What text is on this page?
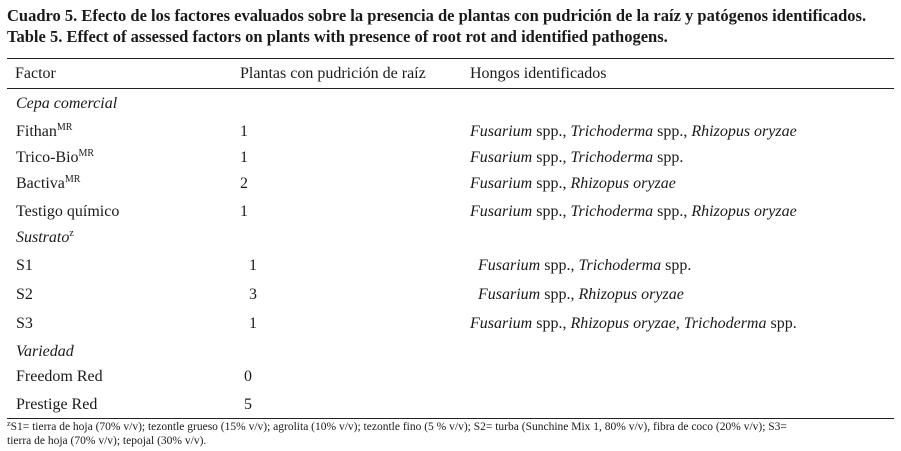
Cuadro 5. Efecto de los factores evaluados sobre la presencia de plantas con pudrición de la raíz y patógenos identificados.
Table 5. Effect of assessed factors on plants with presence of root rot and identified pathogens.
Factor	Plantas con pudrición de raíz	Hongos identificados
Cepa comercial
Fithan$^{MR}$	1	Fusarium spp., Trichoderma spp., Rhizopus oryzae
Trico-Bio$^{MR}$	1	Fusarium spp., Trichoderma spp.
Bactiva$^{MR}$	2	Fusarium spp., Rhizopus oryzae
Testigo químico	1	Fusarium spp., Trichoderma spp., Rhizopus oryzae
Sustrato$^z$
S1	1	Fusarium spp., Trichoderma spp.
S2	3	Fusarium spp., Rhizopus oryzae
S3	1	Fusarium spp., Rhizopus oryzae, Trichoderma spp.
Variedad
Freedom Red	0
Prestige Red	5
$^z$S1= tierra de hoja (70% v/v); tezontle grueso (15% v/v); agrolita (10% v/v); tezontle fino (5 % v/v); S2= turba (Sunchine Mix 1, 80% v/v), fibra de coco (20% v/v); S3=
tierra de hoja (70% v/v); tepojal (30% v/v).
